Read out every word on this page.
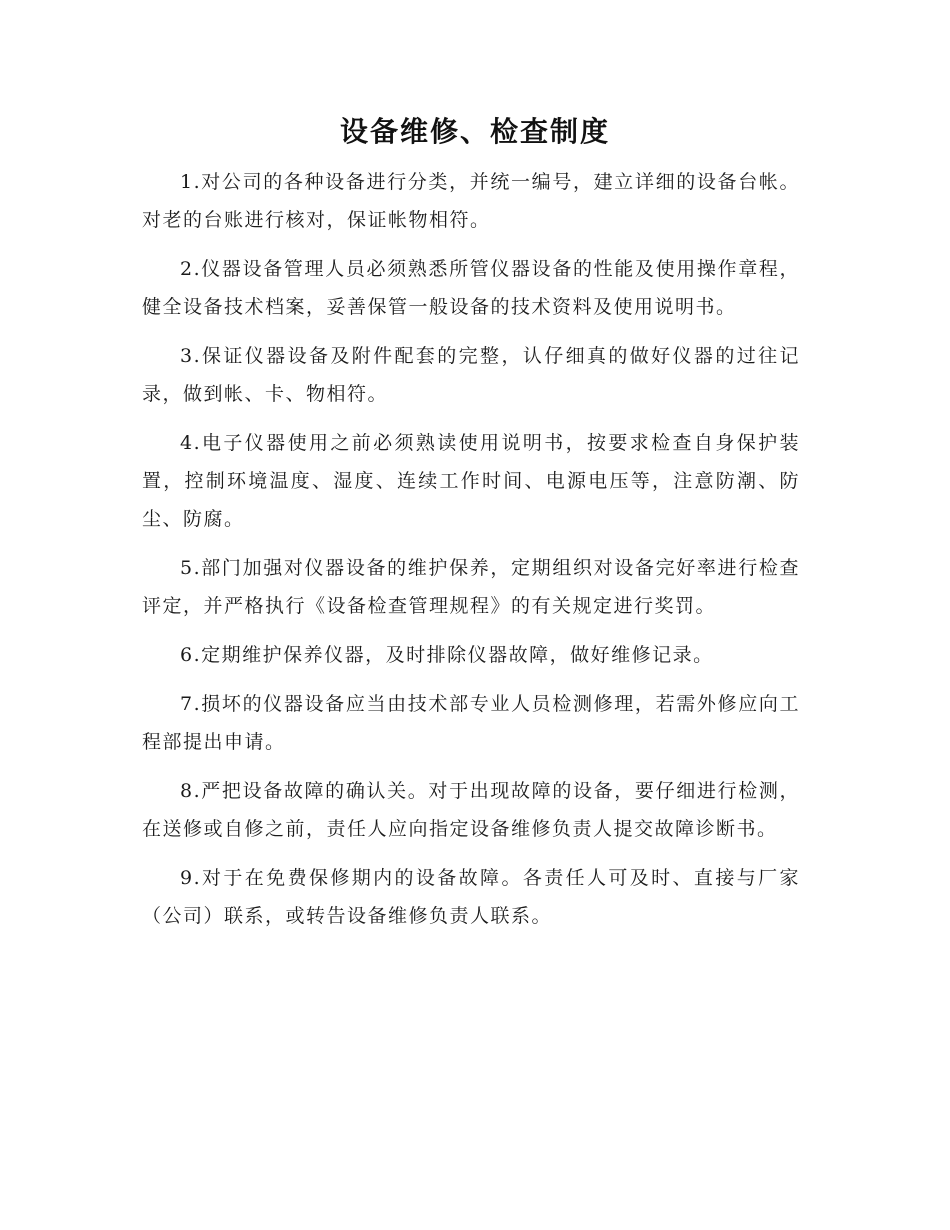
设备维修、检查制度

1.对公司的各种设备进行分类，并统一编号，建立详细的设备台帐。对老的台账进行核对，保证帐物相符。

2.仪器设备管理人员必须熟悉所管仪器设备的性能及使用操作章程，健全设备技术档案，妥善保管一般设备的技术资料及使用说明书。

3.保证仪器设备及附件配套的完整，认仔细真的做好仪器的过往记录，做到帐、卡、物相符。

4.电子仪器使用之前必须熟读使用说明书，按要求检查自身保护装置，控制环境温度、湿度、连续工作时间、电源电压等，注意防潮、防尘、防腐。

5.部门加强对仪器设备的维护保养，定期组织对设备完好率进行检查评定，并严格执行《设备检查管理规程》的有关规定进行奖罚。

6.定期维护保养仪器，及时排除仪器故障，做好维修记录。

7.损坏的仪器设备应当由技术部专业人员检测修理，若需外修应向工程部提出申请。

8.严把设备故障的确认关。对于出现故障的设备，要仔细进行检测，在送修或自修之前，责任人应向指定设备维修负责人提交故障诊断书。

9.对于在免费保修期内的设备故障。各责任人可及时、直接与厂家（公司）联系，或转告设备维修负责人联系。
